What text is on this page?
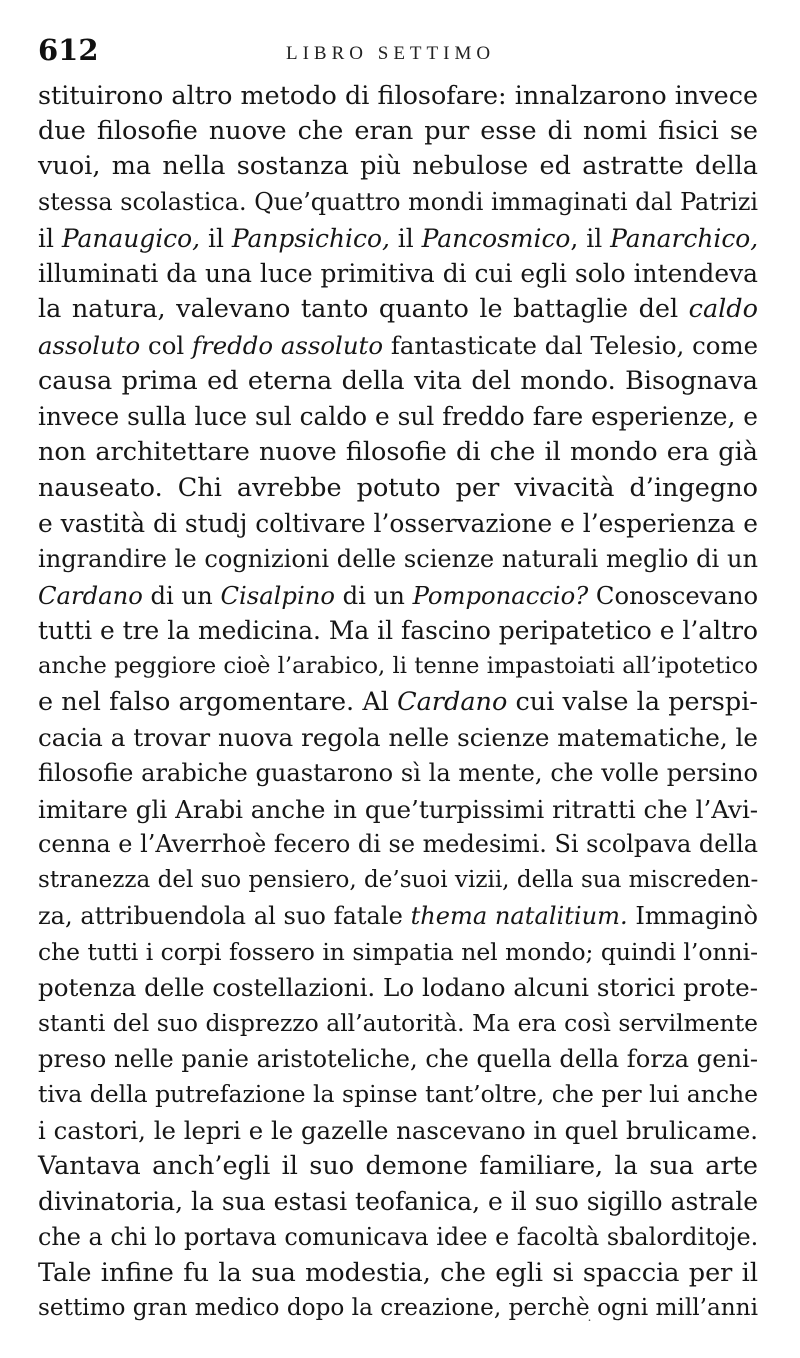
612	LIBRO SETTIMO
stituirono altro metodo di filosofare: innalzarono invece
due filosofie nuove che eran pur esse di nomi fisici se
vuoi, ma nella sostanza più nebulose ed astratte della
stessa scolastica. Que’quattro mondi immaginati dal Patrizi
il Panaugico, il Panpsichico, il Pancosmico, il Panarchico,
illuminati da una luce primitiva di cui egli solo intendeva
la natura, valevano tanto quanto le battaglie del caldo
assoluto col freddo assoluto fantasticate dal Telesio, come
causa prima ed eterna della vita del mondo. Bisognava
invece sulla luce sul caldo e sul freddo fare esperienze, e
non architettare nuove filosofie di che il mondo era già
nauseato. Chi avrebbe potuto per vivacità d’ingegno
e vastità di studj coltivare l’osservazione e l’esperienza e
ingrandire le cognizioni delle scienze naturali meglio di un
Cardano di un Cisalpino di un Pomponaccio? Conoscevano
tutti e tre la medicina. Ma il fascino peripatetico e l’altro
anche peggiore cioè l’arabico, li tenne impastoiati all’ipotetico
e nel falso argomentare. Al Cardano cui valse la perspi-
cacia a trovar nuova regola nelle scienze matematiche, le
filosofie arabiche guastarono sì la mente, che volle persino
imitare gli Arabi anche in que’turpissimi ritratti che l’Avi-
cenna e l’Averrhoè fecero di se medesimi. Si scolpava della
stranezza del suo pensiero, de’suoi vizii, della sua miscreden-
za, attribuendola al suo fatale thema natalitium. Immaginò
che tutti i corpi fossero in simpatia nel mondo; quindi l’onni-
potenza delle costellazioni. Lo lodano alcuni storici prote-
stanti del suo disprezzo all’autorità. Ma era così servilmente
preso nelle panie aristoteliche, che quella della forza geni-
tiva della putrefazione la spinse tant’oltre, che per lui anche
i castori, le lepri e le gazelle nascevano in quel brulicame.
Vantava anch’egli il suo demone familiare, la sua arte
divinatoria, la sua estasi teofanica, e il suo sigillo astrale
che a chi lo portava comunicava idee e facoltà sbalorditoje.
Tale infine fu la sua modestia, che egli si spaccia per il
settimo gran medico dopo la creazione, perchè ogni mill’anni
˙
